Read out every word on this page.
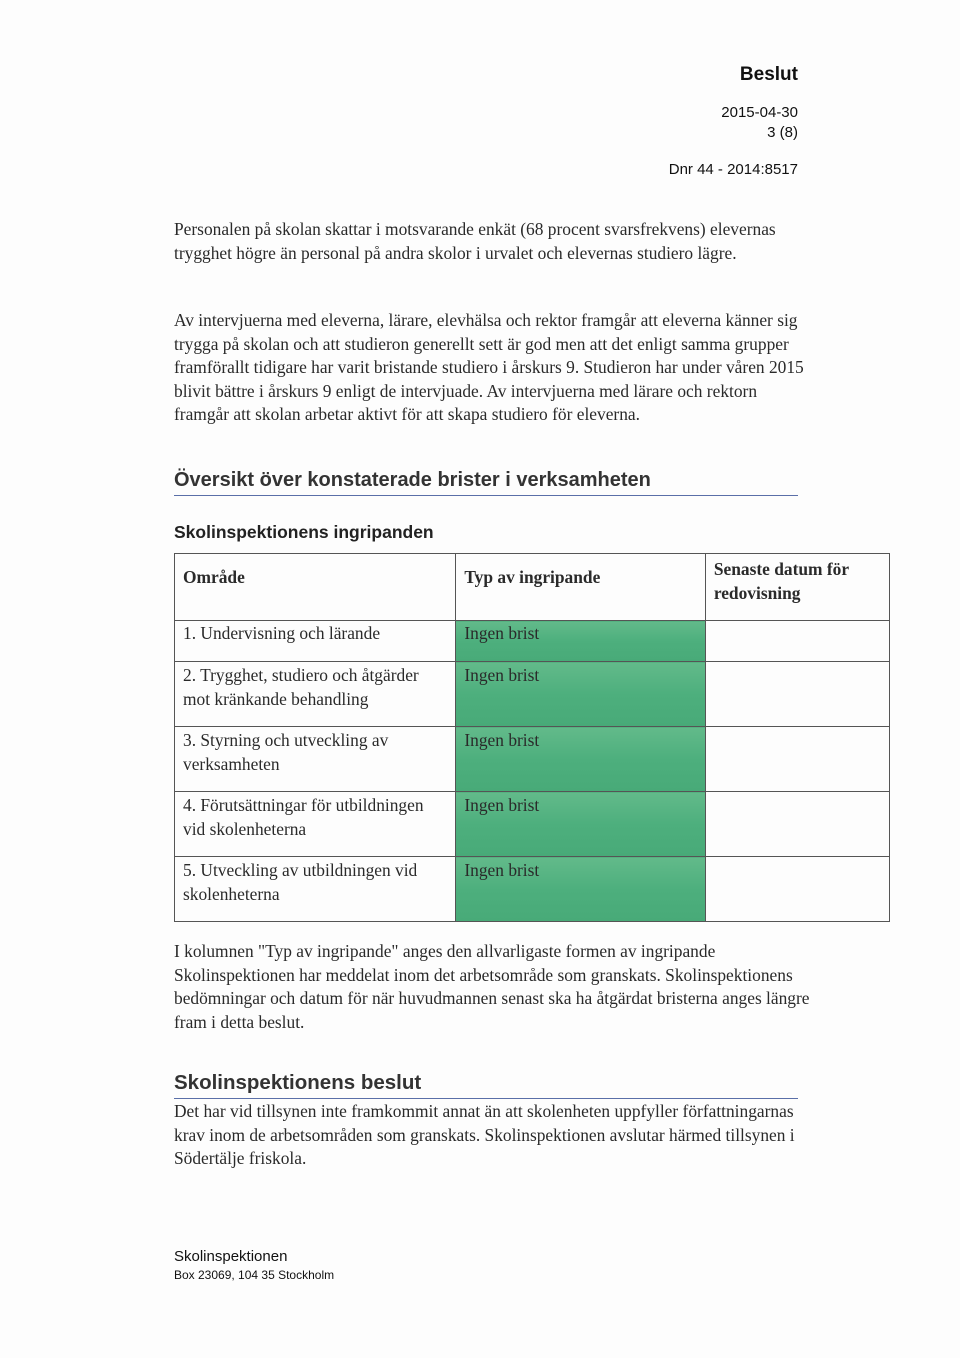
Beslut
2015-04-30
3 (8)
Dnr 44 - 2014:8517

Personalen på skolan skattar i motsvarande enkät (68 procent svarsfrekvens) elevernas trygghet högre än personal på andra skolor i urvalet och elevernas studiero lägre.

Av intervjuerna med eleverna, lärare, elevhälsa och rektor framgår att eleverna känner sig trygga på skolan och att studieron generellt sett är god men att det enligt samma grupper framförallt tidigare har varit bristande studiero i årskurs 9. Studieron har under våren 2015 blivit bättre i årskurs 9 enligt de intervjuade. Av intervjuerna med lärare och rektorn framgår att skolan arbetar aktivt för att skapa studiero för eleverna.

Översikt över konstaterade brister i verksamheten
Skolinspektionens ingripanden
Område	Typ av ingripande	Senaste datum för redovisning

1. Undervisning och lärande	Ingen brist	

2. Trygghet, studiero och åtgärder mot kränkande behandling	Ingen brist	

3. Styrning och utveckling av verksamheten	Ingen brist	

4. Förutsättningar för utbildningen vid skolenheterna	Ingen brist	

5. Utveckling av utbildningen vid skolenheterna	Ingen brist	

I kolumnen "Typ av ingripande" anges den allvarligaste formen av ingripande Skolinspektionen har meddelat inom det arbetsområde som granskats. Skolinspektionens bedömningar och datum för när huvudmannen senast ska ha åtgärdat bristerna anges längre fram i detta beslut.

Skolinspektionens beslut

Det har vid tillsynen inte framkommit annat än att skolenheten uppfyller författningarnas krav inom de arbetsområden som granskats. Skolinspektionen avslutar härmed tillsynen i Södertälje friskola.

Skolinspektionen
Box 23069, 104 35 Stockholm
